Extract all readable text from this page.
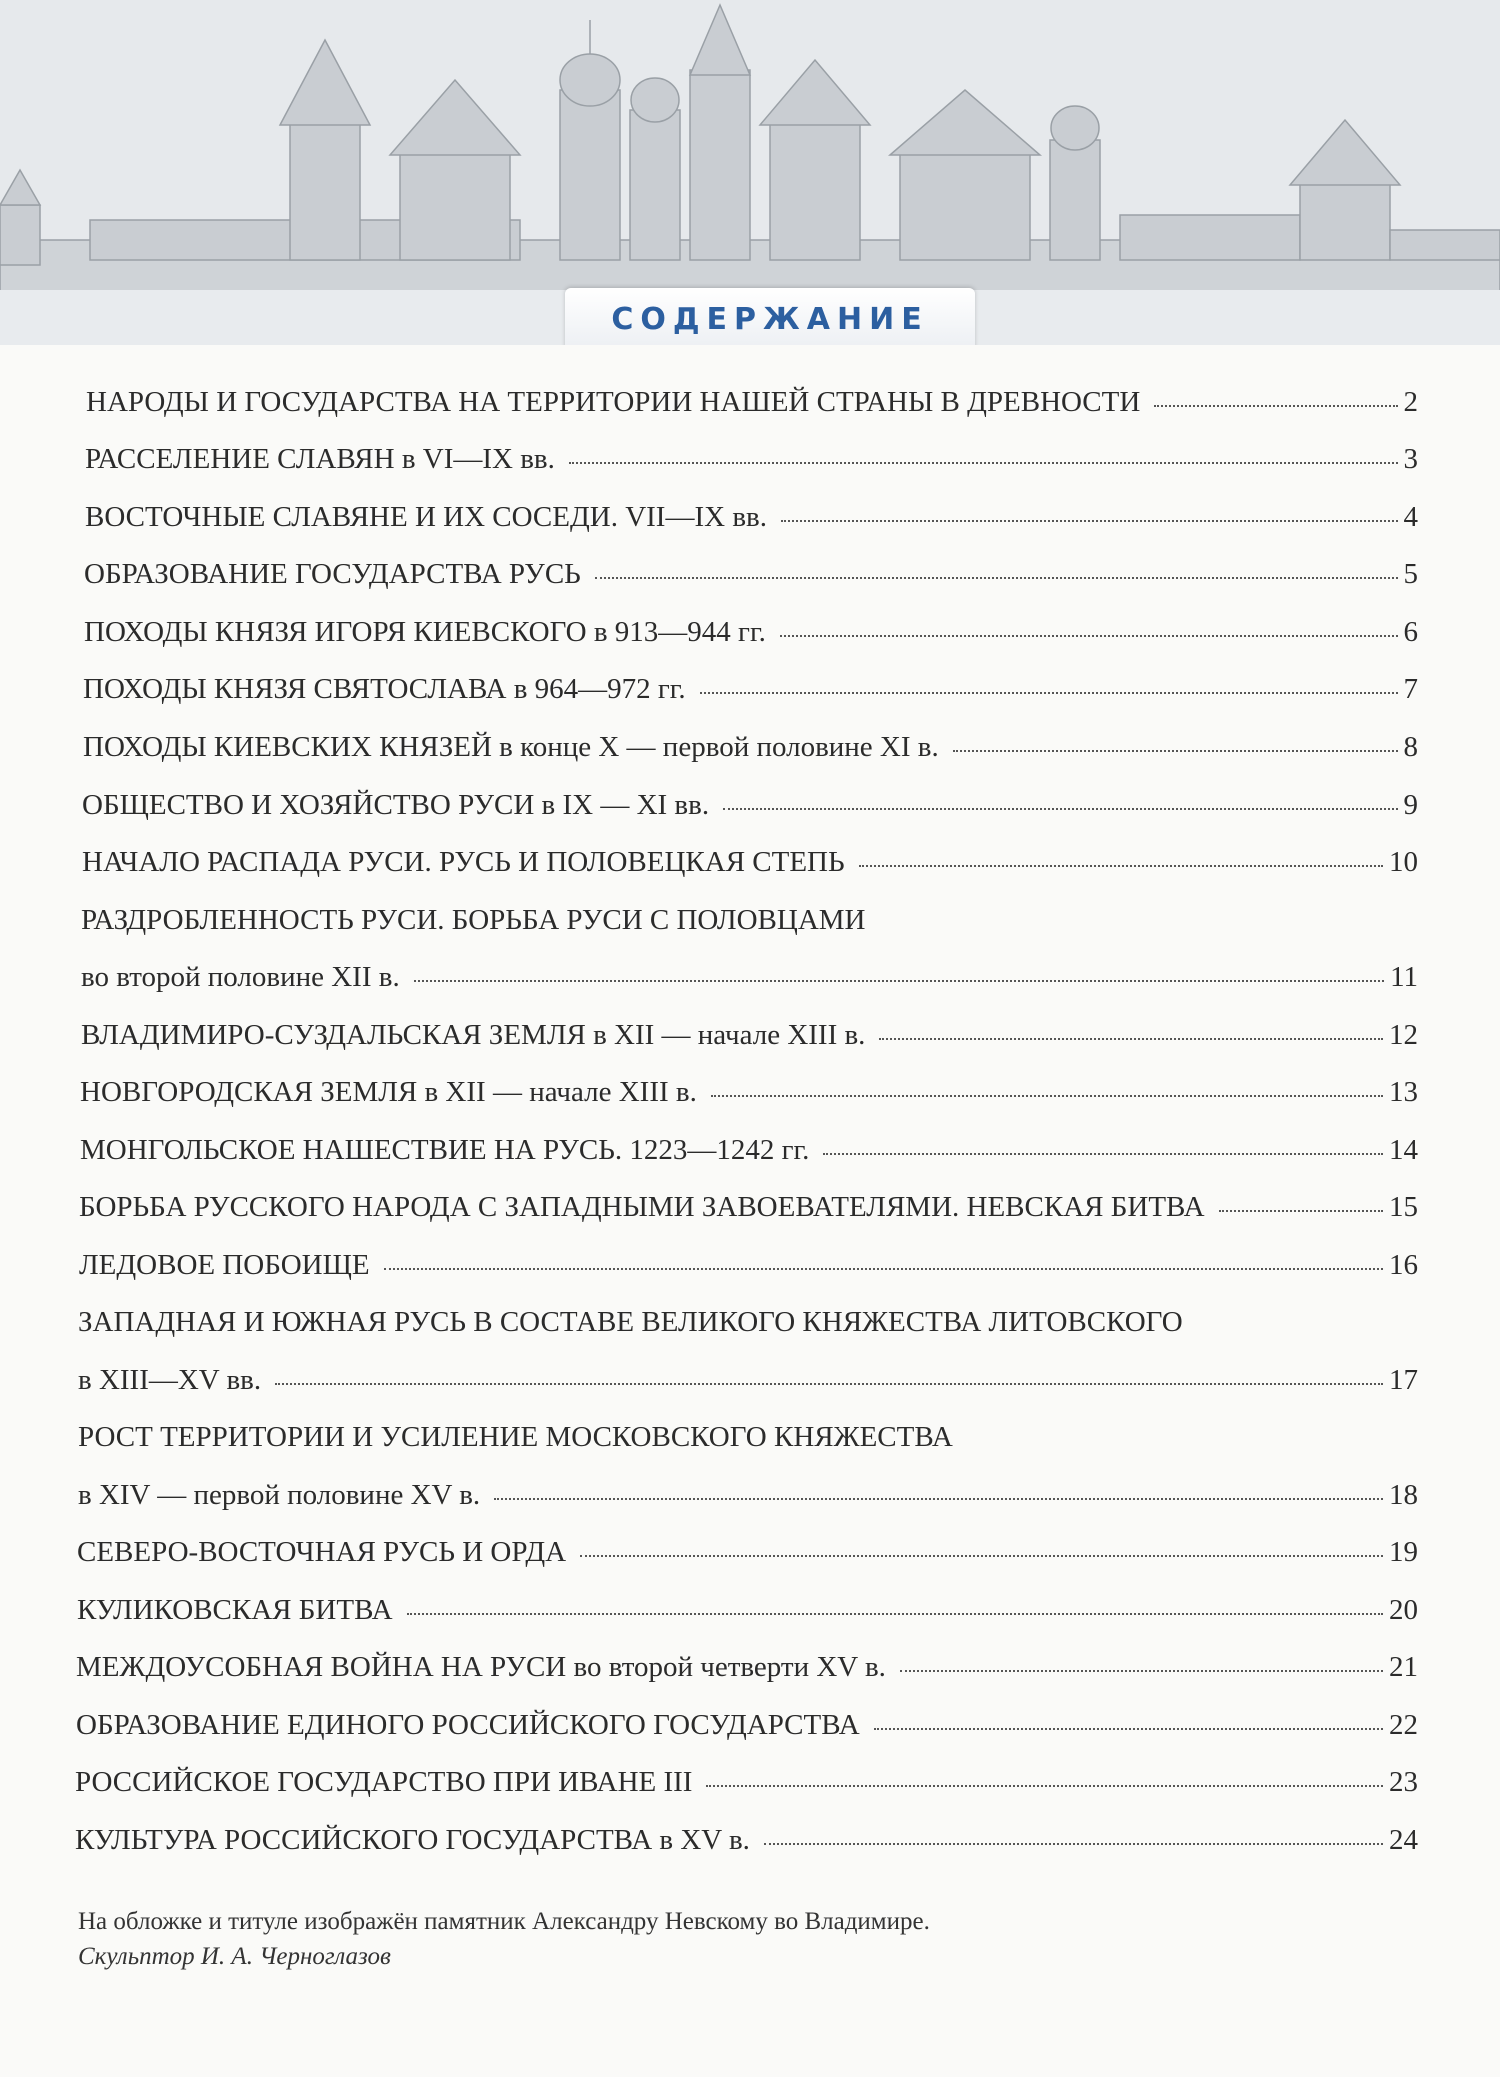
СОДЕРЖАНИЕ
НАРОДЫ И ГОСУДАРСТВА НА ТЕРРИТОРИИ НАШЕЙ СТРАНЫ В ДРЕВНОСТИ	2
РАССЕЛЕНИЕ СЛАВЯН в VI—IX вв.	3
ВОСТОЧНЫЕ СЛАВЯНЕ И ИХ СОСЕДИ. VII—IX вв.	4
ОБРАЗОВАНИЕ ГОСУДАРСТВА РУСЬ	5
ПОХОДЫ КНЯЗЯ ИГОРЯ КИЕВСКОГО в 913—944 гг.	6
ПОХОДЫ КНЯЗЯ СВЯТОСЛАВА в 964—972 гг.	7
ПОХОДЫ КИЕВСКИХ КНЯЗЕЙ в конце X — первой половине XI в.	8
ОБЩЕСТВО И ХОЗЯЙСТВО РУСИ в IX — XI вв.	9
НАЧАЛО РАСПАДА РУСИ. РУСЬ И ПОЛОВЕЦКАЯ СТЕПЬ	10
РАЗДРОБЛЕННОСТЬ РУСИ. БОРЬБА РУСИ С ПОЛОВЦАМИ
во второй половине XII в.	11
ВЛАДИМИРО-СУЗДАЛЬСКАЯ ЗЕМЛЯ в XII — начале XIII в.	12
НОВГОРОДСКАЯ ЗЕМЛЯ в XII — начале XIII в.	13
МОНГОЛЬСКОЕ НАШЕСТВИЕ НА РУСЬ. 1223—1242 гг.	14
БОРЬБА РУССКОГО НАРОДА С ЗАПАДНЫМИ ЗАВОЕВАТЕЛЯМИ. НЕВСКАЯ БИТВА	15
ЛЕДОВОЕ ПОБОИЩЕ	16
ЗАПАДНАЯ И ЮЖНАЯ РУСЬ В СОСТАВЕ ВЕЛИКОГО КНЯЖЕСТВА ЛИТОВСКОГО
в XIII—XV вв.	17
РОСТ ТЕРРИТОРИИ И УСИЛЕНИЕ МОСКОВСКОГО КНЯЖЕСТВА
в XIV — первой половине XV в.	18
СЕВЕРО-ВОСТОЧНАЯ РУСЬ И ОРДА	19
КУЛИКОВСКАЯ БИТВА	20
МЕЖДОУСОБНАЯ ВОЙНА НА РУСИ во второй четверти XV в.	21
ОБРАЗОВАНИЕ ЕДИНОГО РОССИЙСКОГО ГОСУДАРСТВА	22
РОССИЙСКОЕ ГОСУДАРСТВО ПРИ ИВАНЕ III	23
КУЛЬТУРА РОССИЙСКОГО ГОСУДАРСТВА в XV в.	24
На обложке и титуле изображён памятник Александру Невскому во Владимире.
Скульптор И. А. Черноглазов
